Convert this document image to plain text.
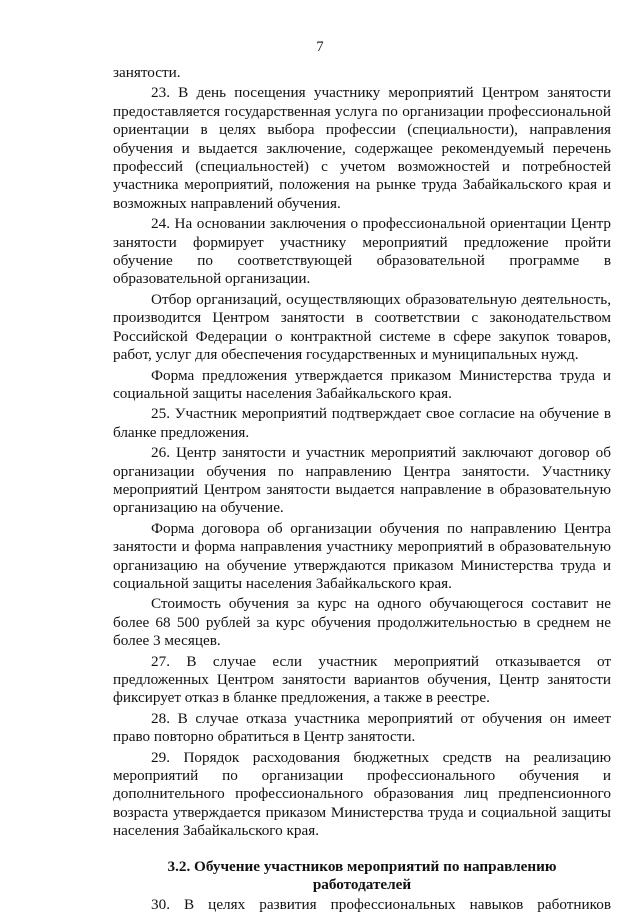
7

занятости.

23. В день посещения участнику мероприятий Центром занятости предоставляется государственная услуга по организации профессиональной ориентации в целях выбора профессии (специальности), направления обучения и выдается заключение, содержащее рекомендуемый перечень профессий (специальностей) с учетом возможностей и потребностей участника мероприятий, положения на рынке труда Забайкальского края и возможных направлений обучения.

24. На основании заключения о профессиональной ориентации Центр занятости формирует участнику мероприятий предложение пройти обучение по соответствующей образовательной программе в образовательной организации.

Отбор организаций, осуществляющих образовательную деятельность, производится Центром занятости в соответствии с законодательством Российской Федерации о контрактной системе в сфере закупок товаров, работ, услуг для обеспечения государственных и муниципальных нужд.

Форма предложения утверждается приказом Министерства труда и социальной защиты населения Забайкальского края.

25. Участник мероприятий подтверждает свое согласие на обучение в бланке предложения.

26. Центр занятости и участник мероприятий заключают договор об организации обучения по направлению Центра занятости. Участнику мероприятий Центром занятости выдается направление в образовательную организацию на обучение.

Форма договора об организации обучения по направлению Центра занятости и форма направления участнику мероприятий в образовательную организацию на обучение утверждаются приказом Министерства труда и социальной защиты населения Забайкальского края.

Стоимость обучения за курс на одного обучающегося составит не более 68 500 рублей за курс обучения продолжительностью в среднем не более 3 месяцев.

27. В случае если участник мероприятий отказывается от предложенных Центром занятости вариантов обучения, Центр занятости фиксирует отказ в бланке предложения, а также в реестре.

28. В случае отказа участника мероприятий от обучения он имеет право повторно обратиться в Центр занятости.

29. Порядок расходования бюджетных средств на реализацию мероприятий по организации профессионального обучения и дополнительного профессионального образования лиц предпенсионного возраста утверждается приказом Министерства труда и социальной защиты населения Забайкальского края.

3.2. Обучение участников мероприятий по направлению
работодателей

30. В целях развития профессиональных навыков работников
